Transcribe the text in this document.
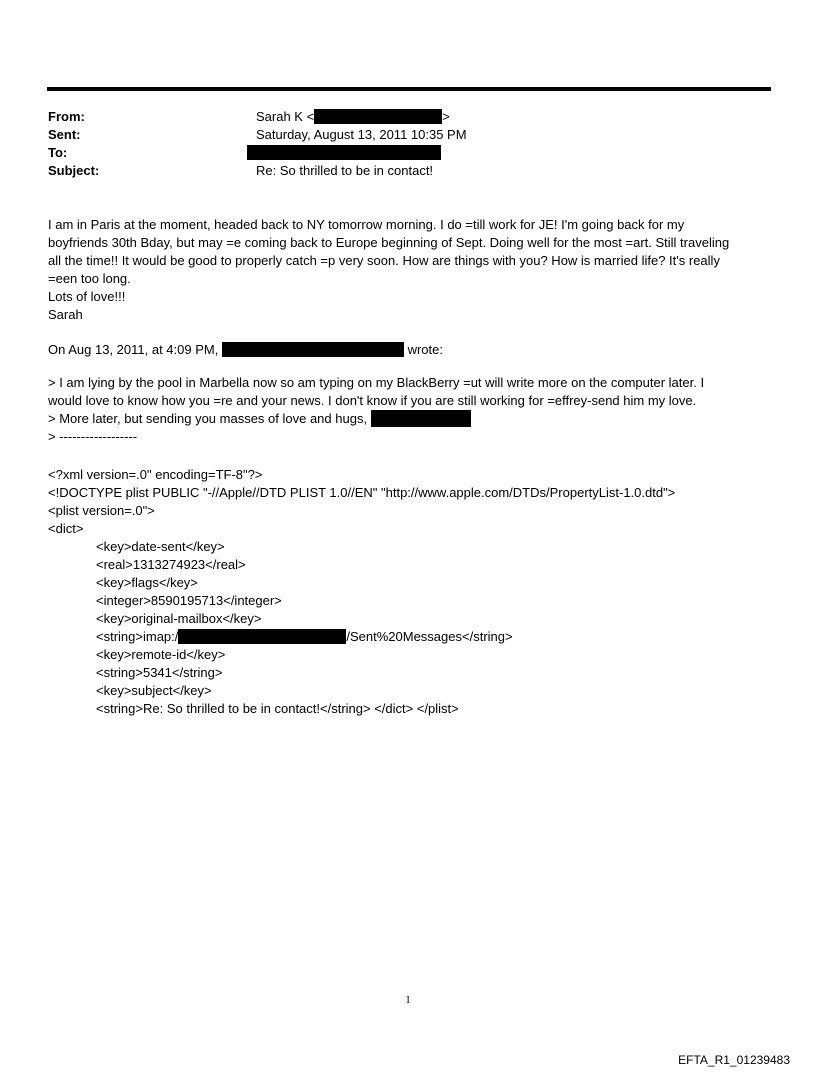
From:	Sarah K <	>
Sent:	Saturday, August 13, 2011 10:35 PM
To:
Subject:	Re: So thrilled to be in contact!
I am in Paris at the moment, headed back to NY tomorrow morning. I do =till work for JE! I'm going back for my
boyfriends 30th Bday, but may =e coming back to Europe beginning of Sept. Doing well for the most =art. Still traveling
all the time!! It would be good to properly catch =p very soon. How are things with you? How is married life? It's really
=een too long.
Lots of love!!!
Sarah
On Aug 13, 2011, at 4:09 PM,	wrote:
> I am lying by the pool in Marbella now so am typing on my BlackBerry =ut will write more on the computer later. I
would love to know how you =re and your news. I don't know if you are still working for =effrey-send him my love.
> More later, but sending you masses of love and hugs,
> ------------------
<?xml version=.0" encoding=TF-8"?>
<!DOCTYPE plist PUBLIC "-//Apple//DTD PLIST 1.0//EN" "http://www.apple.com/DTDs/PropertyList-1.0.dtd">
<plist version=.0">
<dict>
<key>date-sent</key>
<real>1313274923</real>
<key>flags</key>
<integer>8590195713</integer>
<key>original-mailbox</key>
<string>imap:/	/Sent%20Messages</string>
<key>remote-id</key>
<string>5341</string>
<key>subject</key>
<string>Re: So thrilled to be in contact!</string> </dict> </plist>
1
EFTA_R1_01239483
